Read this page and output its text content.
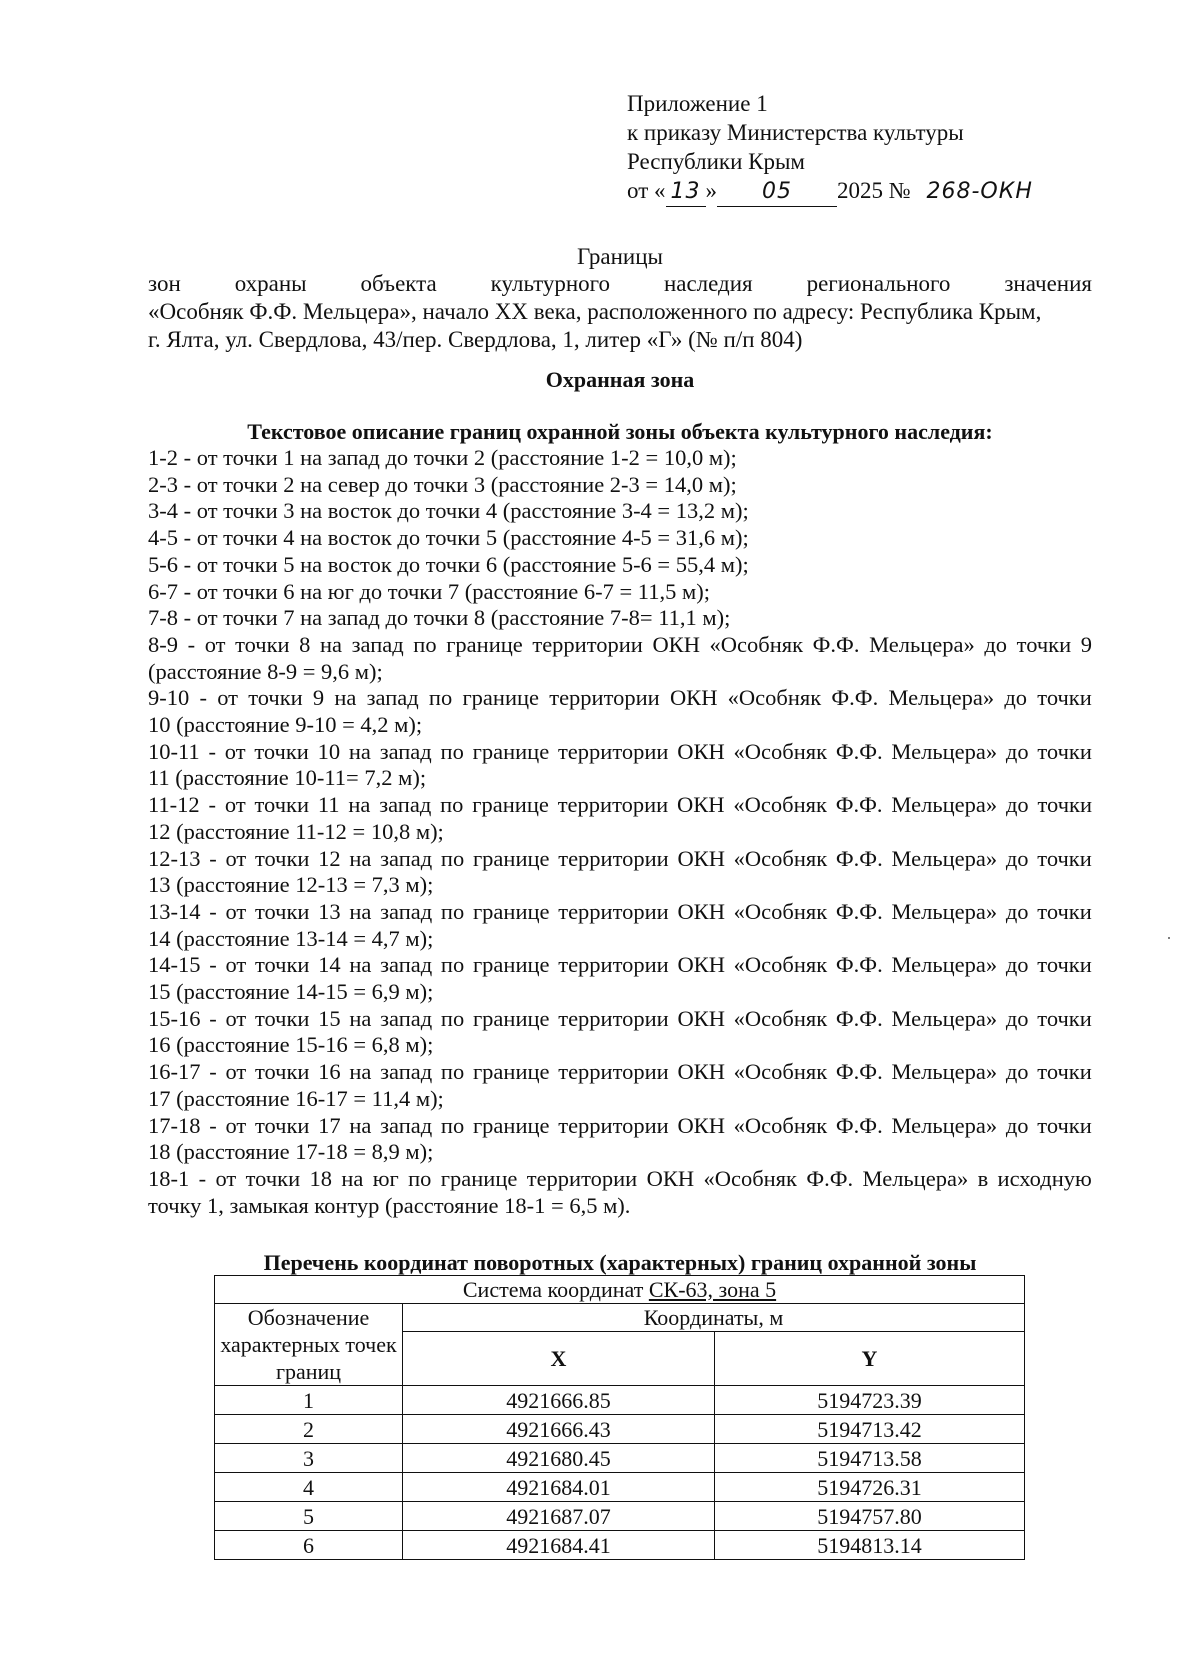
Приложение 1
к приказу Министерства культуры
Республики Крым
от « 13 » 05 2025 № 268-ОКН
Границы
зон охраны объекта культурного наследия регионального значения
«Особняк Ф.Ф. Мельцера», начало XX века, расположенного по адресу: Республика Крым,
г. Ялта, ул. Свердлова, 43/пер. Свердлова, 1, литер «Г» (№ п/п 804)
Охранная зона
Текстовое описание границ охранной зоны объекта культурного наследия:
1-2 - от точки 1 на запад до точки 2 (расстояние 1-2 = 10,0 м);
2-3 - от точки 2 на север до точки 3 (расстояние 2-3 = 14,0 м);
3-4 - от точки 3 на восток до точки 4 (расстояние 3-4 = 13,2 м);
4-5 - от точки 4 на восток до точки 5 (расстояние 4-5 = 31,6 м);
5-6 - от точки 5 на восток до точки 6 (расстояние 5-6 = 55,4 м);
6-7 - от точки 6 на юг до точки 7 (расстояние 6-7 = 11,5 м);
7-8 - от точки 7 на запад до точки 8 (расстояние 7-8= 11,1 м);
8-9 - от точки 8 на запад по границе территории ОКН «Особняк Ф.Ф. Мельцера» до точки 9
(расстояние 8-9 = 9,6 м);
9-10 - от точки 9 на запад по границе территории ОКН «Особняк Ф.Ф. Мельцера» до точки
10 (расстояние 9-10 = 4,2 м);
10-11 - от точки 10 на запад по границе территории ОКН «Особняк Ф.Ф. Мельцера» до точки
11 (расстояние 10-11= 7,2 м);
11-12 - от точки 11 на запад по границе территории ОКН «Особняк Ф.Ф. Мельцера» до точки
12 (расстояние 11-12 = 10,8 м);
12-13 - от точки 12 на запад по границе территории ОКН «Особняк Ф.Ф. Мельцера» до точки
13 (расстояние 12-13 = 7,3 м);
13-14 - от точки 13 на запад по границе территории ОКН «Особняк Ф.Ф. Мельцера» до точки
14 (расстояние 13-14 = 4,7 м);
14-15 - от точки 14 на запад по границе территории ОКН «Особняк Ф.Ф. Мельцера» до точки
15 (расстояние 14-15 = 6,9 м);
15-16 - от точки 15 на запад по границе территории ОКН «Особняк Ф.Ф. Мельцера» до точки
16 (расстояние 15-16 = 6,8 м);
16-17 - от точки 16 на запад по границе территории ОКН «Особняк Ф.Ф. Мельцера» до точки
17 (расстояние 16-17 = 11,4 м);
17-18 - от точки 17 на запад по границе территории ОКН «Особняк Ф.Ф. Мельцера» до точки
18 (расстояние 17-18 = 8,9 м);
18-1 - от точки 18 на юг по границе территории ОКН «Особняк Ф.Ф. Мельцера» в исходную
точку 1, замыкая контур (расстояние 18-1 = 6,5 м).
Перечень координат поворотных (характерных) границ охранной зоны
Система координат СК-63, зона 5		
Обозначение характерных точек границ	Координаты, м	
	X	Y
1	4921666.85	5194723.39
2	4921666.43	5194713.42
3	4921680.45	5194713.58
4	4921684.01	5194726.31
5	4921687.07	5194757.80
6	4921684.41	5194813.14
